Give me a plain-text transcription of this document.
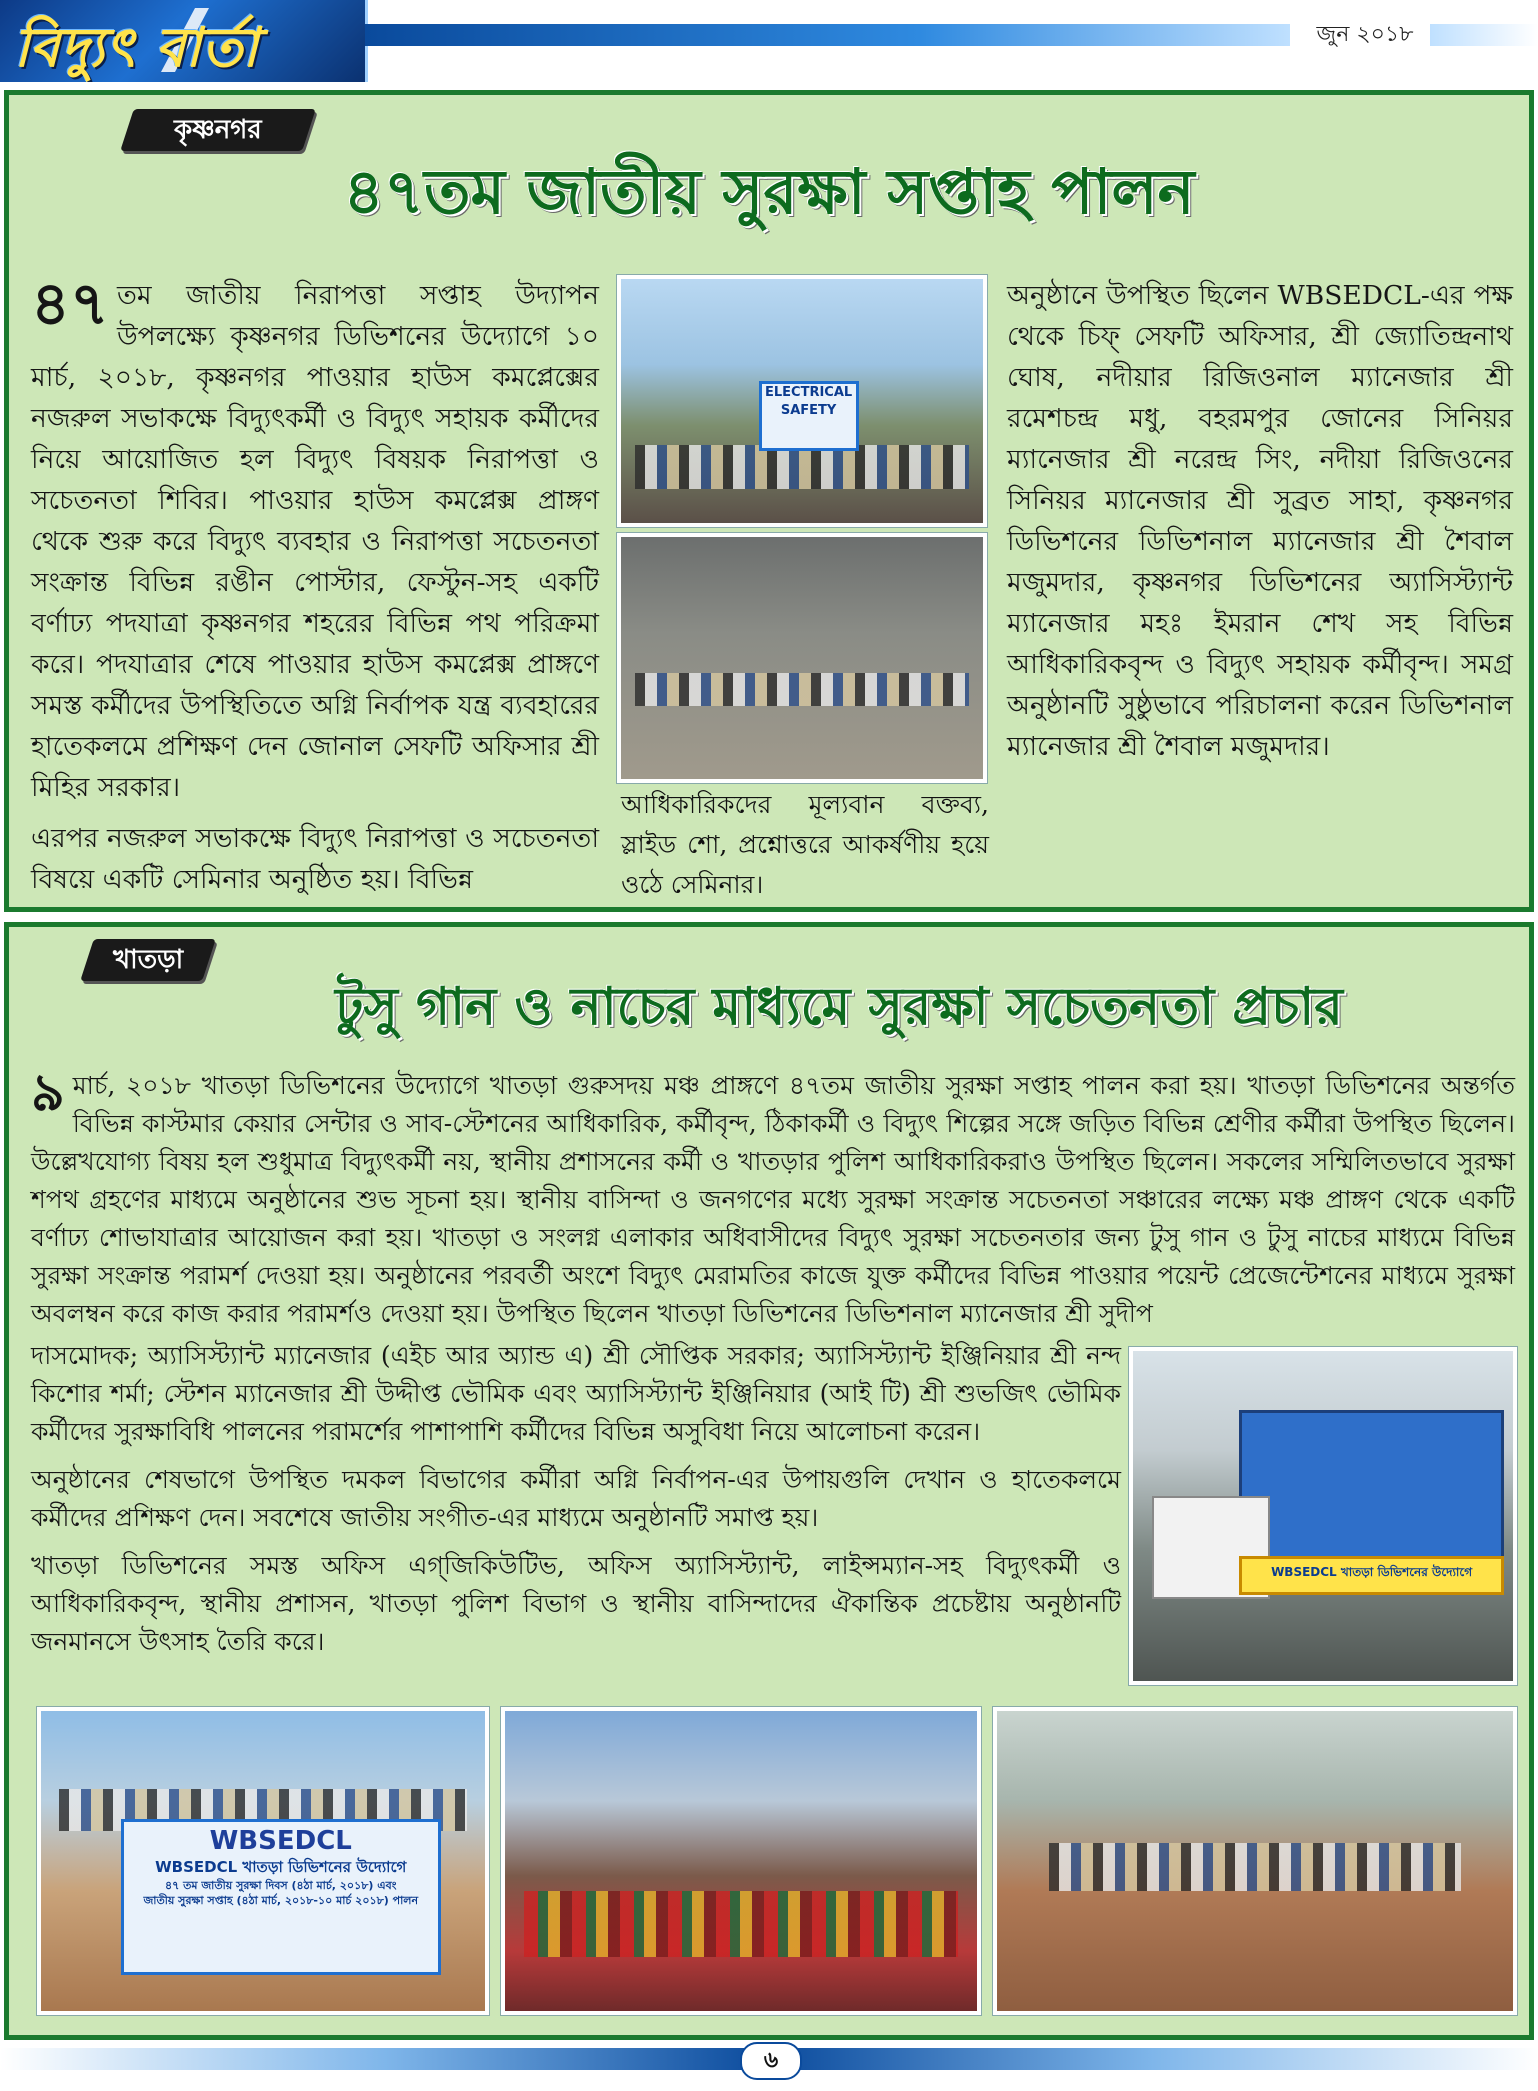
বিদ্যুৎ বার্তা	জুন ২০১৮
কৃষ্ণনগর
৪৭তম জাতীয় সুরক্ষা সপ্তাহ পালন

৪৭ তম জাতীয় নিরাপত্তা সপ্তাহ উদ্যাপন উপলক্ষ্যে কৃষ্ণনগর ডিভিশনের উদ্যোগে ১০ মার্চ, ২০১৮, কৃষ্ণনগর পাওয়ার হাউস কমপ্লেক্সের নজরুল সভাকক্ষে বিদ্যুৎকর্মী ও বিদ্যুৎ সহায়ক কর্মীদের নিয়ে আয়োজিত হল বিদ্যুৎ বিষয়ক নিরাপত্তা ও সচেতনতা শিবির। পাওয়ার হাউস কমপ্লেক্স প্রাঙ্গণ থেকে শুরু করে বিদ্যুৎ ব্যবহার ও নিরাপত্তা সচেতনতা সংক্রান্ত বিভিন্ন রঙীন পোস্টার, ফেস্টুন-সহ একটি বর্ণাঢ্য পদযাত্রা কৃষ্ণনগর শহরের বিভিন্ন পথ পরিক্রমা করে। পদযাত্রার শেষে পাওয়ার হাউস কমপ্লেক্স প্রাঙ্গণে সমস্ত কর্মীদের উপস্থিতিতে অগ্নি নির্বাপক যন্ত্র ব্যবহারের হাতেকলমে প্রশিক্ষণ দেন জোনাল সেফটি অফিসার শ্রী মিহির সরকার।

এরপর নজরুল সভাকক্ষে বিদ্যুৎ নিরাপত্তা ও সচেতনতা বিষয়ে একটি সেমিনার অনুষ্ঠিত হয়। বিভিন্ন

ELECTRICAL SAFETY
আধিকারিকদের মূল্যবান বক্তব্য, স্লাইড শো, প্রশ্নোত্তরে আকর্ষণীয় হয়ে ওঠে সেমিনার।

অনুষ্ঠানে উপস্থিত ছিলেন WBSEDCL-এর পক্ষ থেকে চিফ্ সেফটি অফিসার, শ্রী জ্যোতিন্দ্রনাথ ঘোষ, নদীয়ার রিজিওনাল ম্যানেজার শ্রী রমেশচন্দ্র মধু, বহরমপুর জোনের সিনিয়র ম্যানেজার শ্রী নরেন্দ্র সিং, নদীয়া রিজিওনের সিনিয়র ম্যানেজার শ্রী সুব্রত সাহা, কৃষ্ণনগর ডিভিশনের ডিভিশনাল ম্যানেজার শ্রী শৈবাল মজুমদার, কৃষ্ণনগর ডিভিশনের অ্যাসিস্ট্যান্ট ম্যানেজার মহঃ ইমরান শেখ সহ বিভিন্ন আধিকারিকবৃন্দ ও বিদ্যুৎ সহায়ক কর্মীবৃন্দ। সমগ্র অনুষ্ঠানটি সুষ্ঠুভাবে পরিচালনা করেন ডিভিশনাল ম্যানেজার শ্রী শৈবাল মজুমদার।

খাতড়া
টুসু গান ও নাচের মাধ্যমে সুরক্ষা সচেতনতা প্রচার

৯ মার্চ, ২০১৮ খাতড়া ডিভিশনের উদ্যোগে খাতড়া গুরুসদয় মঞ্চ প্রাঙ্গণে ৪৭তম জাতীয় সুরক্ষা সপ্তাহ পালন করা হয়। খাতড়া ডিভিশনের অন্তর্গত বিভিন্ন কাস্টমার কেয়ার সেন্টার ও সাব-স্টেশনের আধিকারিক, কর্মীবৃন্দ, ঠিকাকর্মী ও বিদ্যুৎ শিল্পের সঙ্গে জড়িত বিভিন্ন শ্রেণীর কর্মীরা উপস্থিত ছিলেন। উল্লেখযোগ্য বিষয় হল শুধুমাত্র বিদ্যুৎকর্মী নয়, স্থানীয় প্রশাসনের কর্মী ও খাতড়ার পুলিশ আধিকারিকরাও উপস্থিত ছিলেন। সকলের সম্মিলিতভাবে সুরক্ষা শপথ গ্রহণের মাধ্যমে অনুষ্ঠানের শুভ সূচনা হয়। স্থানীয় বাসিন্দা ও জনগণের মধ্যে সুরক্ষা সংক্রান্ত সচেতনতা সঞ্চারের লক্ষ্যে মঞ্চ প্রাঙ্গণ থেকে একটি বর্ণাঢ্য শোভাযাত্রার আয়োজন করা হয়। খাতড়া ও সংলগ্ন এলাকার অধিবাসীদের বিদ্যুৎ সুরক্ষা সচেতনতার জন্য টুসু গান ও টুসু নাচের মাধ্যমে বিভিন্ন সুরক্ষা সংক্রান্ত পরামর্শ দেওয়া হয়। অনুষ্ঠানের পরবর্তী অংশে বিদ্যুৎ মেরামতির কাজে যুক্ত কর্মীদের বিভিন্ন পাওয়ার পয়েন্ট প্রেজেন্টেশনের মাধ্যমে সুরক্ষা অবলম্বন করে কাজ করার পরামর্শও দেওয়া হয়। উপস্থিত ছিলেন খাতড়া ডিভিশনের ডিভিশনাল ম্যানেজার শ্রী সুদীপ

দাসমোদক; অ্যাসিস্ট্যান্ট ম্যানেজার (এইচ আর অ্যান্ড এ) শ্রী সৌপ্তিক সরকার; অ্যাসিস্ট্যান্ট ইঞ্জিনিয়ার শ্রী নন্দ কিশোর শর্মা; স্টেশন ম্যানেজার শ্রী উদ্দীপ্ত ভৌমিক এবং অ্যাসিস্ট্যান্ট ইঞ্জিনিয়ার (আই টি) শ্রী শুভজিৎ ভৌমিক কর্মীদের সুরক্ষাবিধি পালনের পরামর্শের পাশাপাশি কর্মীদের বিভিন্ন অসুবিধা নিয়ে আলোচনা করেন।

অনুষ্ঠানের শেষভাগে উপস্থিত দমকল বিভাগের কর্মীরা অগ্নি নির্বাপন-এর উপায়গুলি দেখান ও হাতেকলমে কর্মীদের প্রশিক্ষণ দেন। সবশেষে জাতীয় সংগীত-এর মাধ্যমে অনুষ্ঠানটি সমাপ্ত হয়।

খাতড়া ডিভিশনের সমস্ত অফিস এগ্‌জিকিউটিভ, অফিস অ্যাসিস্ট্যান্ট, লাইন্সম্যান-সহ বিদ্যুৎকর্মী ও আধিকারিকবৃন্দ, স্থানীয় প্রশাসন, খাতড়া পুলিশ বিভাগ ও স্থানীয় বাসিন্দাদের ঐকান্তিক প্রচেষ্টায় অনুষ্ঠানটি জনমানসে উৎসাহ তৈরি করে।

WBSEDCL খাতড়া ডিভিশনের উদ্যোগে
WBSEDCL
WBSEDCL খাতড়া ডিভিশনের উদ্যোগে
৪৭ তম জাতীয় সুরক্ষা দিবস (৪ঠা মার্চ, ২০১৮) এবং
জাতীয় সুরক্ষা সপ্তাহ (৪ঠা মার্চ, ২০১৮-১০ মার্চ ২০১৮) পালন
৬
